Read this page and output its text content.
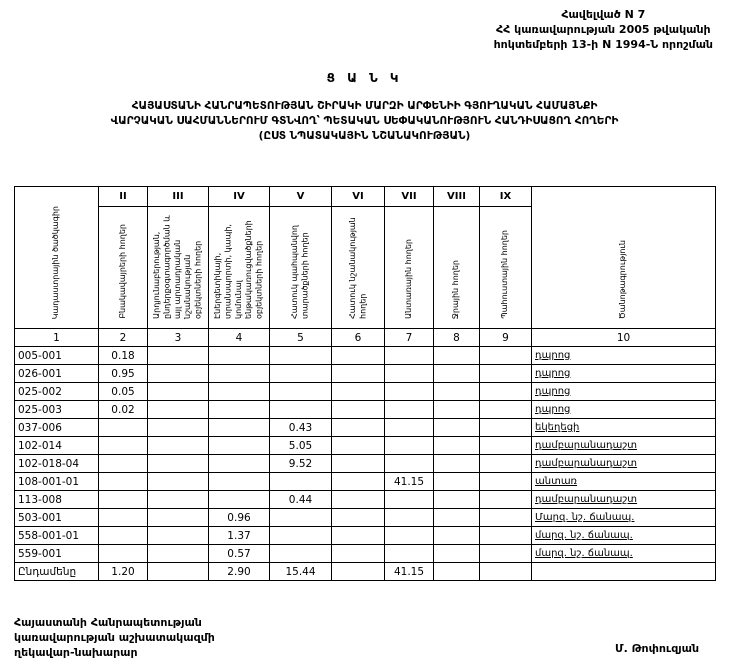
Հավելված N 7
ՀՀ կառավարության 2005 թվականի
հոկտեմբերի 13-ի N 1994-Ն որոշման
Ց Ա Ն Կ
ՀԱՅԱՍՏԱՆԻ ՀԱՆՐԱՊԵՏՈՒԹՅԱՆ ՇԻՐԱԿԻ ՄԱՐԶԻ ԱՐՓԵՆԻԻ ԳՅՈՒՂԱԿԱՆ ՀԱՄԱՅՆՔԻ
ՎԱՐՉԱԿԱՆ ՍԱՀՄԱՆՆԵՐՈՒՄ ԳՏՆՎՈՂ՝ ՊԵՏԱԿԱՆ ՍԵՓԱԿԱՆՈՒԹՅՈՒՆ ՀԱՆԴԻՍԱՑՈՂ ՀՈՂԵՐԻ
(ԸՍՏ ՆՊԱՏԱԿԱՅԻՆ ՆՇԱՆԱԿՈՒԹՅԱՆ)
Կադաստրային ծածկագիր	II	III	IV	V	VI	VII	VIII	IX	Ծանոթագրություն
	Բնակավայրերի հողեր	Արդյունաբերության, ընդերքօգտագործման և այլ արտադրական նշանակության օբյեկտների հողեր	Էներգետիկայի, տրանսպորտի, կապի, կոմունալ ենթակառուցվածքների օբյեկտների հողեր	Հատուկ պահպանվող տարածքների հողեր	Հատուկ նշանակության հողեր	Անտառային հողեր	Ջրային հողեր	Պահուստային հողեր	
1	2	3	4	5	6	7	8	9	10
005-001	0.18								դպրոց
026-001	0.95								դպրոց
025-002	0.05								դպրոց
025-003	0.02								դպրոց
037-006				0.43					եկեղեցի
102-014				5.05					դամբարանադաշտ
102-018-04				9.52					դամբարանադաշտ
108-001-01						41.15			անտառ
113-008				0.44					դամբարանադաշտ
503-001			0.96						Մարզ. նշ. ճանապ.
558-001-01			1.37						մարզ. նշ. ճանապ.
559-001			0.57						մարզ. նշ. ճանապ.
Ընդամենը	1.20		2.90	15.44		41.15			
Հայաստանի Հանրապետության
կառավարության աշխատակազմի
ղեկավար-նախարար	Մ. Թոփուզյան
